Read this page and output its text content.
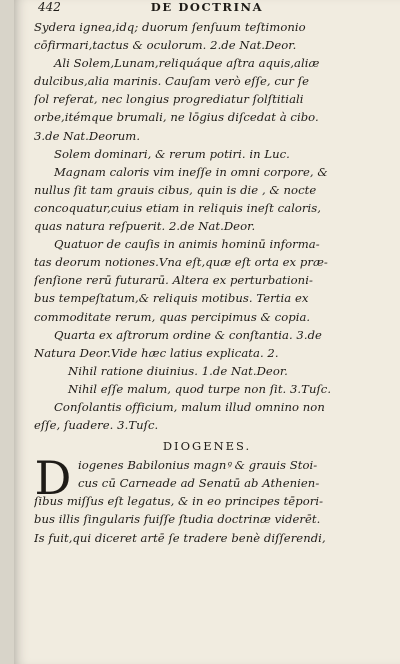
442	DE DOCTRINA
Sydera ignea,idq; duorum ſenſuum teſtimonio
cōfirmari,tactus & oculorum. 2.de Nat.Deor.
Ali Solem,Lunam,reliquáque aſtra aquis,aliæ
dulcibus,alia marinis. Cauſam verò eſſe, cur ſe
ſol referat, nec longius progrediatur ſolſtitiali
orbe,itémque brumali, ne lōgius diſcedat à cibo.
3.de Nat.Deorum.
Solem dominari, & rerum potiri. in Luc.
Magnam caloris vim ineſſe in omni corpore, &
nullus ſit tam grauis cibus, quin is die , & nocte
concoquatur,cuius etiam in reliquis ineſt caloris,
quas natura reſpuerit. 2.de Nat.Deor.
Quatuor de cauſis in animis hominū informa-
tas deorum notiones.Vna eſt,quæ eſt orta ex præ-
ſenſione rerū futurarū. Altera ex perturbationi-
bus tempeſtatum,& reliquis motibus. Tertia ex
commoditate rerum, quas percipimus & copia.
Quarta ex aſtrorum ordine & conſtantia. 3.de
Natura Deor.Vide hæc latius explicata. 2.
Nihil ratione diuinius. 1.de Nat.Deor.
Nihil eſſe malum, quod turpe non ſit. 3.Tuſc.
Conſolantis officium, malum illud omnino non
eſſe, ſuadere. 3.Tuſc.
DIOGENES.
D iogenes Babilonius magnꝰ & grauis Stoi-
cus cū Carneade ad Senatū ab Athenien-
ſibus miſſus eſt legatus, & in eo principes tēpori-
bus illis ſingularis fuiſſe ſtudia doctrinæ viderēt.
Is fuit,qui diceret artē ſe tradere benè diſſerendi,
